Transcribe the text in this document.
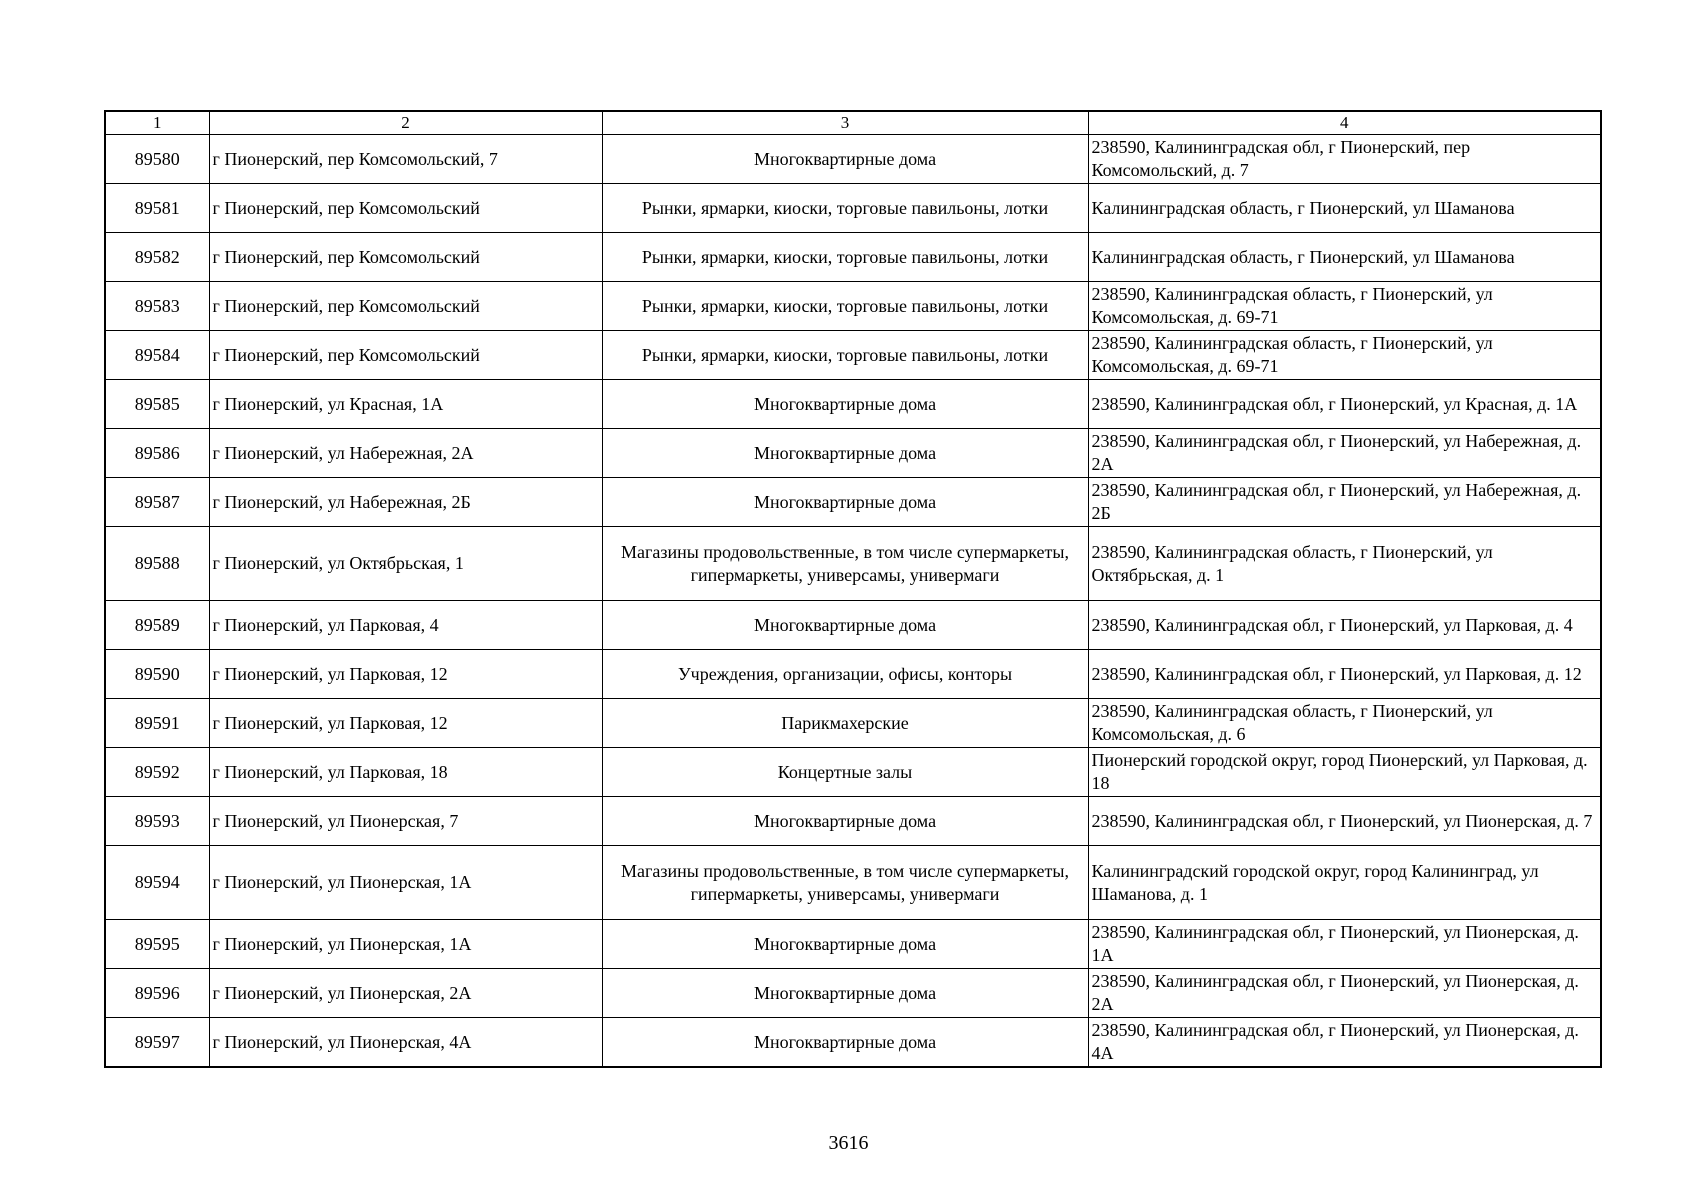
1	2	3	4
89580	г Пионерский, пер Комсомольский, 7	Многоквартирные дома	238590, Калининградская обл, г Пионерский, пер Комсомольский, д. 7
89581	г Пионерский, пер Комсомольский	Рынки, ярмарки, киоски, торговые павильоны, лотки	Калининградская область, г Пионерский, ул Шаманова
89582	г Пионерский, пер Комсомольский	Рынки, ярмарки, киоски, торговые павильоны, лотки	Калининградская область, г Пионерский, ул Шаманова
89583	г Пионерский, пер Комсомольский	Рынки, ярмарки, киоски, торговые павильоны, лотки	238590, Калининградская область, г Пионерский, ул Комсомольская, д. 69-71
89584	г Пионерский, пер Комсомольский	Рынки, ярмарки, киоски, торговые павильоны, лотки	238590, Калининградская область, г Пионерский, ул Комсомольская, д. 69-71
89585	г Пионерский, ул Красная, 1А	Многоквартирные дома	238590, Калининградская обл, г Пионерский, ул Красная, д. 1А
89586	г Пионерский, ул Набережная, 2А	Многоквартирные дома	238590, Калининградская обл, г Пионерский, ул Набережная, д. 2А
89587	г Пионерский, ул Набережная, 2Б	Многоквартирные дома	238590, Калининградская обл, г Пионерский, ул Набережная, д. 2Б
89588	г Пионерский, ул Октябрьская, 1	Магазины продовольственные, в том числе супермаркеты, гипермаркеты, универсамы, универмаги	238590, Калининградская область, г Пионерский, ул Октябрьская, д. 1
89589	г Пионерский, ул Парковая, 4	Многоквартирные дома	238590, Калининградская обл, г Пионерский, ул Парковая, д. 4
89590	г Пионерский, ул Парковая, 12	Учреждения, организации, офисы, конторы	238590, Калининградская обл, г Пионерский, ул Парковая, д. 12
89591	г Пионерский, ул Парковая, 12	Парикмахерские	238590, Калининградская область, г Пионерский, ул Комсомольская, д. 6
89592	г Пионерский, ул Парковая, 18	Концертные залы	Пионерский городской округ, город Пионерский, ул Парковая, д. 18
89593	г Пионерский, ул Пионерская, 7	Многоквартирные дома	238590, Калининградская обл, г Пионерский, ул Пионерская, д. 7
89594	г Пионерский, ул Пионерская, 1А	Магазины продовольственные, в том числе супермаркеты, гипермаркеты, универсамы, универмаги	Калининградский городской округ, город Калининград, ул Шаманова, д. 1
89595	г Пионерский, ул Пионерская, 1А	Многоквартирные дома	238590, Калининградская обл, г Пионерский, ул Пионерская, д. 1А
89596	г Пионерский, ул Пионерская, 2А	Многоквартирные дома	238590, Калининградская обл, г Пионерский, ул Пионерская, д. 2А
89597	г Пионерский, ул Пионерская, 4А	Многоквартирные дома	238590, Калининградская обл, г Пионерский, ул Пионерская, д. 4А
3616
